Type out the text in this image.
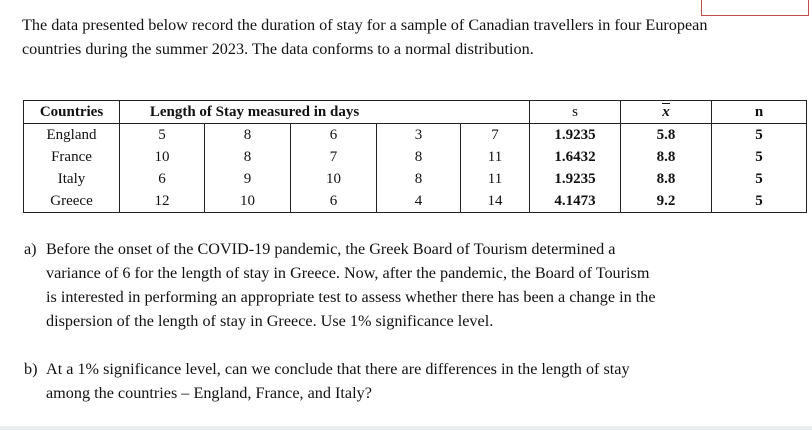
The data presented below record the duration of stay for a sample of Canadian travellers in four European countries during the summer 2023. The data conforms to a normal distribution.
Countries	Length of Stay measured in days					s	x	n
England	5	8	6	3	7	1.9235	5.8	5
France	10	8	7	8	11	1.6432	8.8	5
Italy	6	9	10	8	11	1.9235	8.8	5
Greece	12	10	6	4	14	4.1473	9.2	5
a) Before the onset of the COVID-19 pandemic, the Greek Board of Tourism determined a
variance of 6 for the length of stay in Greece. Now, after the pandemic, the Board of Tourism
is interested in performing an appropriate test to assess whether there has been a change in the
dispersion of the length of stay in Greece. Use 1% significance level.
b) At a 1% significance level, can we conclude that there are differences in the length of stay
among the countries – England, France, and Italy?
